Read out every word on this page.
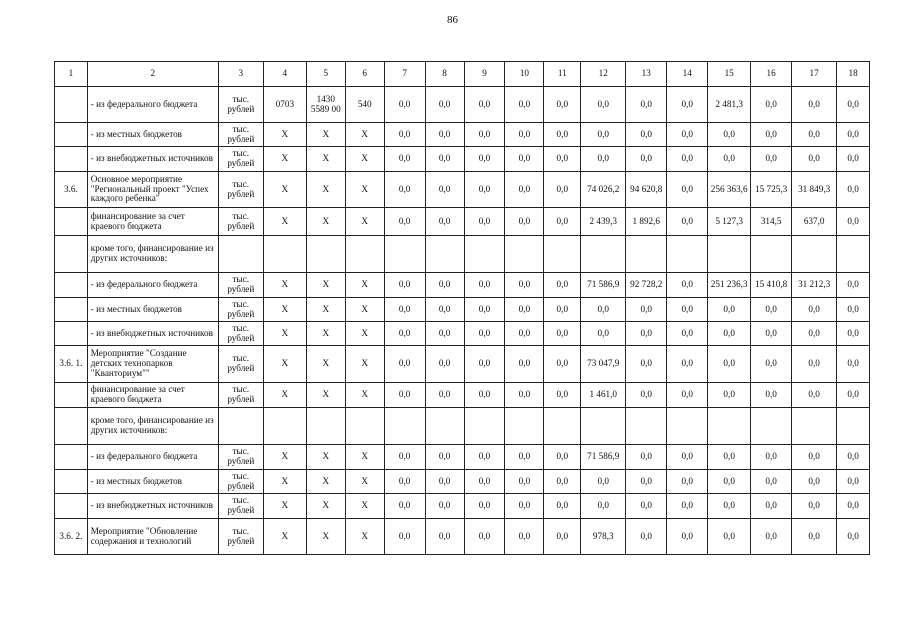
86
1	2	3	4	5	6	7	8	9	10	11	12	13	14	15	16	17	18
	- из федерального бюджета	тыс. рублей	0703	1430 5589 00	540	0,0	0,0	0,0	0,0	0,0	0,0	0,0	0,0	2 481,3	0,0	0,0	0,0
	- из местных бюджетов	тыс. рублей	X	X	X	0,0	0,0	0,0	0,0	0,0	0,0	0,0	0,0	0,0	0,0	0,0	0,0
	- из внебюджетных источников	тыс. рублей	X	X	X	0,0	0,0	0,0	0,0	0,0	0,0	0,0	0,0	0,0	0,0	0,0	0,0
3.6.	Основное мероприятие "Региональный проект "Успех каждого ребенка"	тыс. рублей	X	X	X	0,0	0,0	0,0	0,0	0,0	74 026,2	94 620,8	0,0	256 363,6	15 725,3	31 849,3	0,0
	финансирование за счет краевого бюджета	тыс. рублей	X	X	X	0,0	0,0	0,0	0,0	0,0	2 439,3	1 892,6	0,0	5 127,3	314,5	637,0	0,0
	кроме того, финансирование из других источников:																
	- из федерального бюджета	тыс. рублей	X	X	X	0,0	0,0	0,0	0,0	0,0	71 586,9	92 728,2	0,0	251 236,3	15 410,8	31 212,3	0,0
	- из местных бюджетов	тыс. рублей	X	X	X	0,0	0,0	0,0	0,0	0,0	0,0	0,0	0,0	0,0	0,0	0,0	0,0
	- из внебюджетных источников	тыс. рублей	X	X	X	0,0	0,0	0,0	0,0	0,0	0,0	0,0	0,0	0,0	0,0	0,0	0,0
3.6. 1.	Мероприятие "Создание детских технопарков "Кванториум""	тыс. рублей	X	X	X	0,0	0,0	0,0	0,0	0,0	73 047,9	0,0	0,0	0,0	0,0	0,0	0,0
	финансирование за счет краевого бюджета	тыс. рублей	X	X	X	0,0	0,0	0,0	0,0	0,0	1 461,0	0,0	0,0	0,0	0,0	0,0	0,0
	кроме того, финансирование из других источников:																
	- из федерального бюджета	тыс. рублей	X	X	X	0,0	0,0	0,0	0,0	0,0	71 586,9	0,0	0,0	0,0	0,0	0,0	0,0
	- из местных бюджетов	тыс. рублей	X	X	X	0,0	0,0	0,0	0,0	0,0	0,0	0,0	0,0	0,0	0,0	0,0	0,0
	- из внебюджетных источников	тыс. рублей	X	X	X	0,0	0,0	0,0	0,0	0,0	0,0	0,0	0,0	0,0	0,0	0,0	0,0
3.6. 2.	Мероприятие "Обновление содержания и технологий	тыс. рублей	X	X	X	0,0	0,0	0,0	0,0	0,0	978,3	0,0	0,0	0,0	0,0	0,0	0,0
